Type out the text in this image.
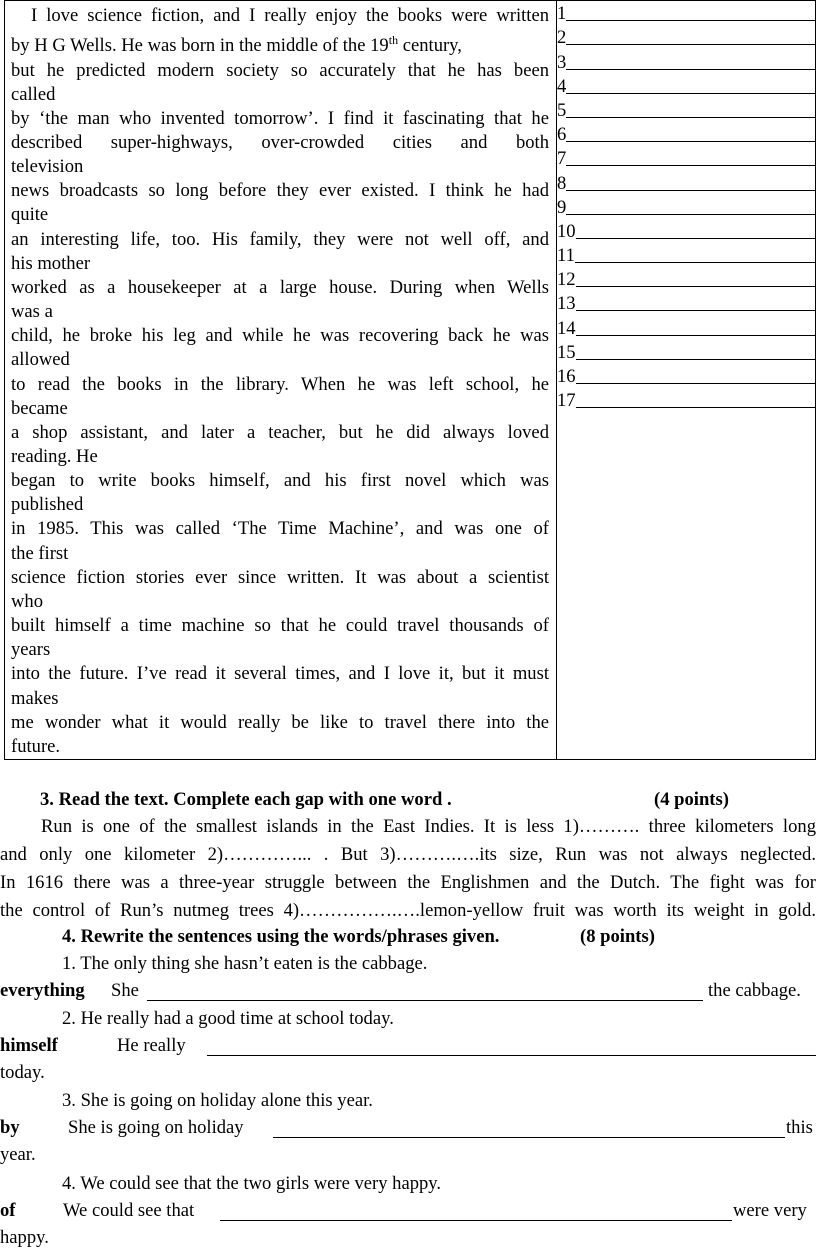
I love science fiction, and I really enjoy the books were written
by H G Wells. He was born in the middle of the 19th century,
but he predicted modern society so accurately that he has been
called
by ‘the man who invented tomorrow’. I find it fascinating that he
described super-highways, over-crowded cities and both
television
news broadcasts so long before they ever existed. I think he had
quite
an interesting life, too. His family, they were not well off, and
his mother
worked as a housekeeper at a large house. During when Wells
was a
child, he broke his leg and while he was recovering back he was
allowed
to read the books in the library. When he was left school, he
became
a shop assistant, and later a teacher, but he did always loved
reading. He
began to write books himself, and his first novel which was
published
in 1985. This was called ‘The Time Machine’, and was one of
the first
science fiction stories ever since written. It was about a scientist
who
built himself a time machine so that he could travel thousands of
years
into the future. I’ve read it several times, and I love it, but it must
makes
me wonder what it would really be like to travel there into the
future.

1
2
3
4
5
6
7
8
9
10
11
12
13
14
15
16
17
3. Read the text. Complete each gap with one word .	(4 points)
Run is one of the smallest islands in the East Indies. It is less 1)………. three kilometers long
and only one kilometer 2)…………... . But 3)……….….its size, Run was not always neglected.
In 1616 there was a three-year struggle between the Englishmen and the Dutch. The fight was for
the control of Run’s nutmeg trees 4)…………….….lemon-yellow fruit was worth its weight in gold.
4. Rewrite the sentences using the words/phrases given.	(8 points)
1. The only thing she hasn’t eaten is the cabbage.
everything She	the cabbage.
2. He really had a good time at school today.
himself	He really
today.
3. She is going on holiday alone this year.
by	She is going on holiday	this
year.
4. We could see that the two girls were very happy.
of	We could see that	were very
happy.
